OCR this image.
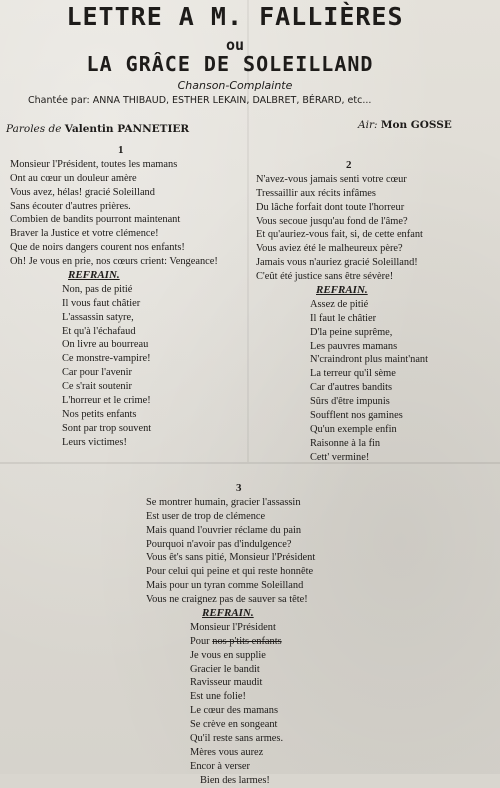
LETTRE A M. FALLIÈRES
ou
LA GRÂCE DE SOLEILLAND
Chanson-Complainte
Chantée par: ANNA THIBAUD, ESTHER LEKAIN, DALBRET, BÉRARD, etc...
Paroles de Valentin PANNETIER	Air: Mon GOSSE
1
Monsieur l'Président, toutes les mamans
Ont au cœur un douleur amère
Vous avez, hélas! gracié Soleilland
Sans écouter d'autres prières.
Combien de bandits pourront maintenant
Braver la Justice et votre clémence!
Que de noirs dangers courent nos enfants!
Oh! Je vous en prie, nos cœurs crient: Vengeance!
REFRAIN.
Non, pas de pitié
Il vous faut châtier
L'assassin satyre,
Et qu'à l'échafaud
On livre au bourreau
Ce monstre-vampire!
Car pour l'avenir
Ce s'rait soutenir
L'horreur et le crime!
Nos petits enfants
Sont par trop souvent
Leurs victimes!
2
N'avez-vous jamais senti votre cœur
Tressaillir aux récits infâmes
Du lâche forfait dont toute l'horreur
Vous secoue jusqu'au fond de l'âme?
Et qu'auriez-vous fait, si, de cette enfant
Vous aviez été le malheureux père?
Jamais vous n'auriez gracié Soleilland!
C'eût été justice sans être sévère!
REFRAIN.
Assez de pitié
Il faut le châtier
D'la peine suprême,
Les pauvres mamans
N'craindront plus maint'nant
La terreur qu'il sème
Car d'autres bandits
Sûrs d'être impunis
Soufflent nos gamines
Qu'un exemple enfin
Raisonne à la fin
Cett' vermine!
3
Se montrer humain, gracier l'assassin
Est user de trop de clémence
Mais quand l'ouvrier réclame du pain
Pourquoi n'avoir pas d'indulgence?
Vous êt's sans pitié, Monsieur l'Président
Pour celui qui peine et qui reste honnête
Mais pour un tyran comme Soleilland
Vous ne craignez pas de sauver sa tête!
REFRAIN.
Monsieur l'Président
Pour nos p'tits enfants
Je vous en supplie
Gracier le bandit
Ravisseur maudit
Est une folie!
Le cœur des mamans
Se crève en songeant
Qu'il reste sans armes.
Mères vous aurez
Encor à verser
Bien des larmes!
